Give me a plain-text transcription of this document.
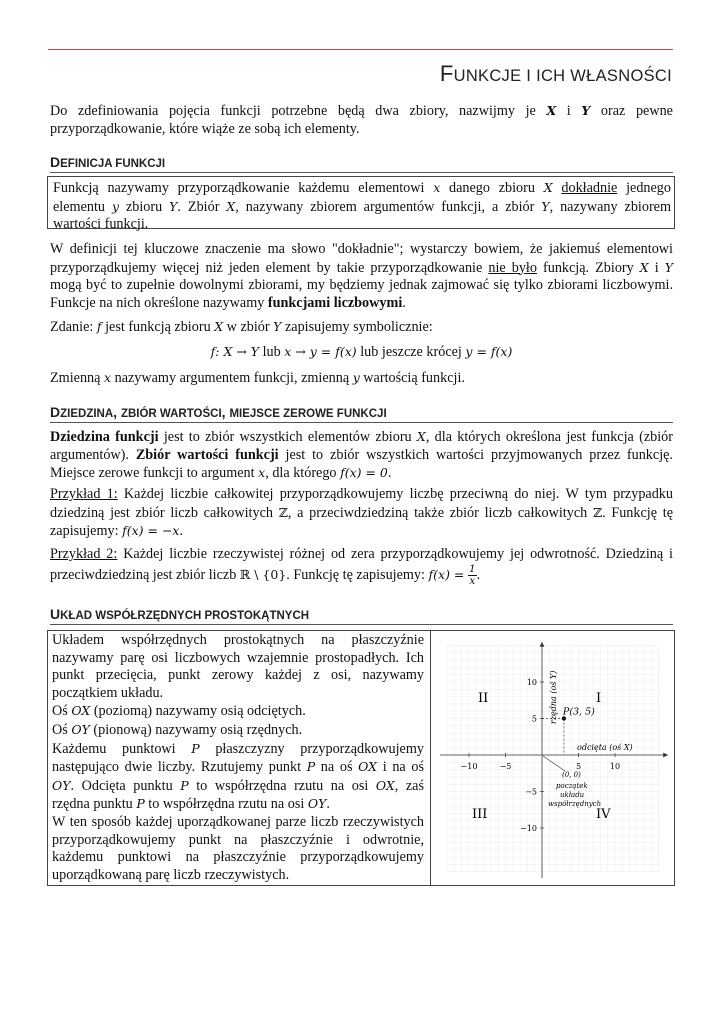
FUNKCJE I ICH WŁASNOŚCI
Do zdefiniowania pojęcia funkcji potrzebne będą dwa zbiory, nazwijmy je X i Y oraz pewne przyporządkowanie, które wiąże ze sobą ich elementy.
DEFINICJA FUNKCJI
Funkcją nazywamy przyporządkowanie każdemu elementowi x danego zbioru X dokładnie jednego elementu y zbioru Y. Zbiór X, nazywany zbiorem argumentów funkcji, a zbiór Y, nazywany zbiorem wartości funkcji.
W definicji tej kluczowe znaczenie ma słowo "dokładnie"; wystarczy bowiem, że jakiemuś elementowi przyporządkujemy więcej niż jeden element by takie przyporządkowanie nie było funkcją. Zbiory X i Y mogą być to zupełnie dowolnymi zbiorami, my będziemy jednak zajmować się tylko zbiorami liczbowymi. Funkcje na nich określone nazywamy funkcjami liczbowymi.
Zdanie: f jest funkcją zbioru X w zbiór Y zapisujemy symbolicznie:
f: X → Y lub x → y = f(x) lub jeszcze krócej y = f(x)
Zmienną x nazywamy argumentem funkcji, zmienną y wartością funkcji.
DZIEDZINA, ZBIÓR WARTOŚCI, MIEJSCE ZEROWE FUNKCJI
Dziedzina funkcji jest to zbiór wszystkich elementów zbioru X, dla których określona jest funkcja (zbiór argumentów). Zbiór wartości funkcji jest to zbiór wszystkich wartości przyjmowanych przez funkcję. Miejsce zerowe funkcji to argument x, dla którego f(x) = 0.
Przykład 1: Każdej liczbie całkowitej przyporządkowujemy liczbę przeciwną do niej. W tym przypadku dziedziną jest zbiór liczb całkowitych ℤ, a przeciwdziedziną także zbiór liczb całkowitych ℤ. Funkcję tę zapisujemy: f(x) = −x.
Przykład 2: Każdej liczbie rzeczywistej różnej od zera przyporządkowujemy jej odwrotność. Dziedziną i przeciwdziedziną jest zbiór liczb ℝ \ {0}. Funkcję tę zapisujemy: $f(x) = \frac{1}{x}$ .
UKŁAD WSPÓŁRZĘDNYCH PROSTOKĄTNYCH
Układem współrzędnych prostokątnych na płaszczyźnie nazywamy parę osi liczbowych wzajemnie prostopadłych. Ich punkt przecięcia, punkt zerowy każdej z osi, nazywamy początkiem układu.
Oś OX (poziomą) nazywamy osią odciętych.
Oś OY (pionową) nazywamy osią rzędnych.
Każdemu punktowi P płaszczyzny przyporządkowujemy następująco dwie liczby. Rzutujemy punkt P na oś OX i na oś OY. Odcięta punktu P to współrzędna rzutu na osi OX, zaś rzędna punktu P to współrzędna rzutu na osi OY.
W ten sposób każdej uporządkowanej parze liczb rzeczywistych przyporządkowujemy punkt na płaszczyźnie i odwrotnie, każdemu punktowi na płaszczyźnie przyporządkowujemy uporządkowaną parę liczb rzeczywistych.
−10	−5	5	10
10
5
−5
−10
P(3, 5)
odcięta (oś X)
rzędna (oś Y)	I
II
III	IV
(0, 0)
początek
układu
współrzędnych
